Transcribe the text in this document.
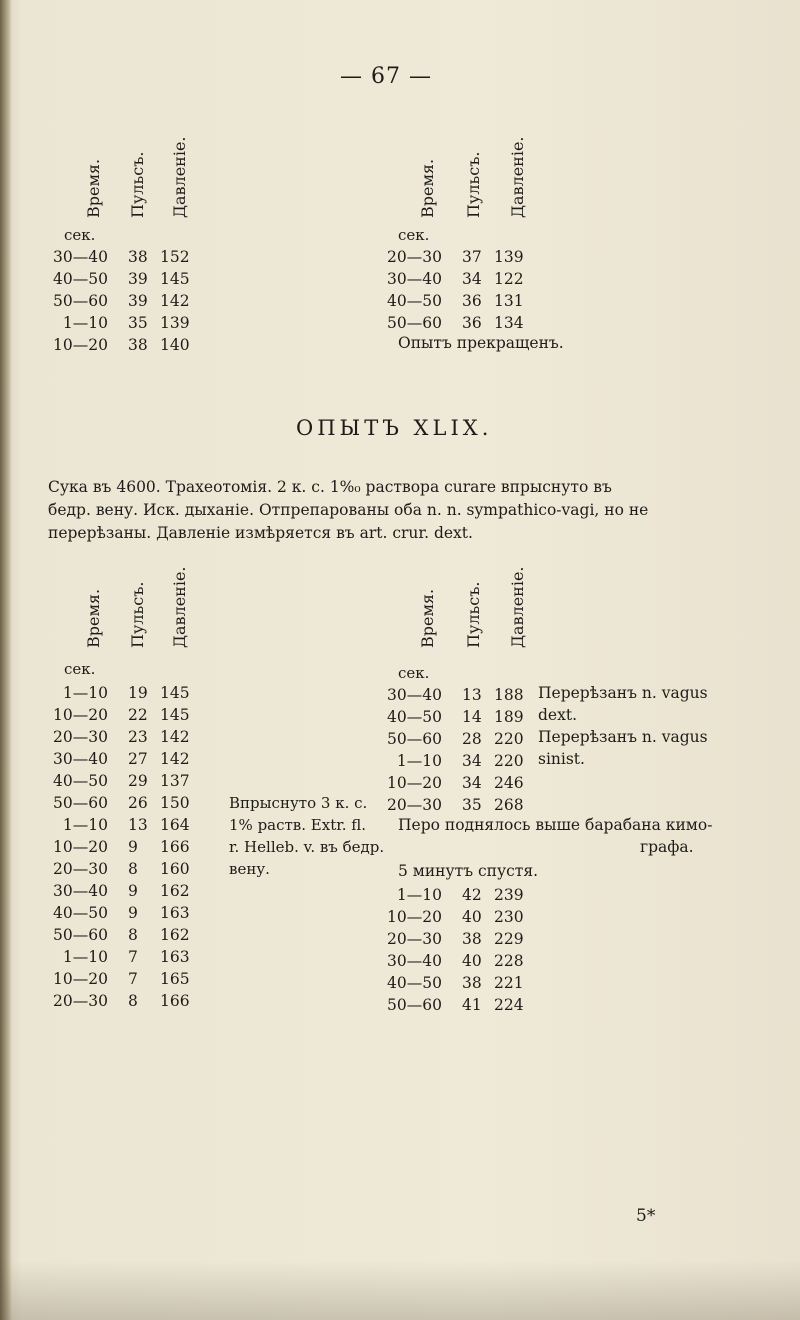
— 67 —
Время. Пульсъ. Давленіе.
сек.
Время. Пульсъ. Давленіе.
сек.
30—40 38 152
40—50 39 145
50—60 39 142
1—10 35 139
10—20 38 140
20—30 37 139
30—40 34 122
40—50 36 131
50—60 36 134
Опытъ прекращенъ.
ОПЫТЪ XLIX.
Сука въ 4600. Трахеотомія. 2 к. с. 1%₀ раствора curare впрыснуто въ
бедр. вену. Иск. дыханіе. Отпрепарованы оба n. n. sympathico-vagi, но не
перерѣзаны. Давленіе измѣряется въ art. crur. dext.
Время. Пульсъ. Давленіе.
сек.
Время. Пульсъ. Давленіе.
сек.
1—10 19 145
10—20 22 145
20—30 23 142
30—40 27 142
40—50 29 137
50—60 26 150
1—10 13 164
10—20 9	166
20—30 8	160
30—40 9	162
40—50 9	163
50—60 8	162
1—10 7	163
10—20 7	165
20—30 8	166
Впрыснуто 3 к. с.
1% раств. Extr. fl.
r. Helleb. v. въ бедр.
вену.
30—40 13 188
40—50 14 189
50—60 28 220
1—10 34 220
10—20 34 246
20—30 35 268
Перерѣзанъ n. vagus
dext.
Перерѣзанъ n. vagus
sinist.
Перо поднялось выше барабана кимо-
графа.
5 минутъ спустя.
1—10 42 239
10—20 40 230
20—30 38 229
30—40 40 228
40—50 38 221
50—60 41 224
5*
